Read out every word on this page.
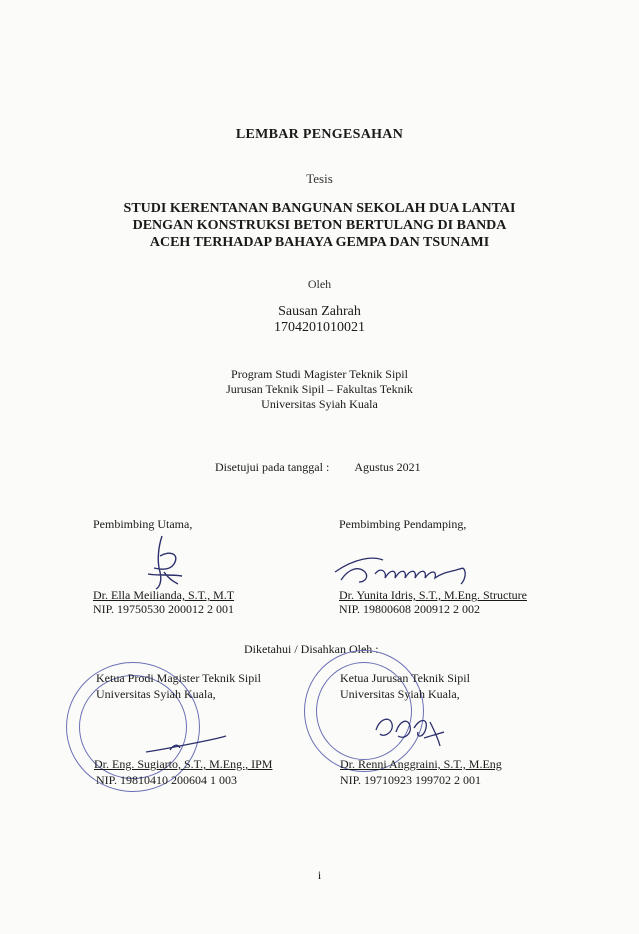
LEMBAR PENGESAHAN
Tesis
STUDI KERENTANAN BANGUNAN SEKOLAH DUA LANTAI
DENGAN KONSTRUKSI BETON BERTULANG DI BANDA
ACEH TERHADAP BAHAYA GEMPA DAN TSUNAMI
Oleh
Sausan Zahrah
1704201010021
Program Studi Magister Teknik Sipil
Jurusan Teknik Sipil – Fakultas Teknik
Universitas Syiah Kuala
Disetujui pada tanggal : Agustus 2021
Pembimbing Utama,	Pembimbing Pendamping,
Dr. Ella Meilianda, S.T., M.T
NIP. 19750530 200012 2 001
Dr. Yunita Idris, S.T., M.Eng. Structure
NIP. 19800608 200912 2 002
Diketahui / Disahkan Oleh :
Ketua Prodi Magister Teknik Sipil
Universitas Syiah Kuala,
Ketua Jurusan Teknik Sipil
Universitas Syiah Kuala,
Dr. Eng. Sugiarto, S.T., M.Eng., IPM
NIP. 19810410 200604 1 003
Dr. Renni Anggraini, S.T., M.Eng
NIP. 19710923 199702 2 001
i
